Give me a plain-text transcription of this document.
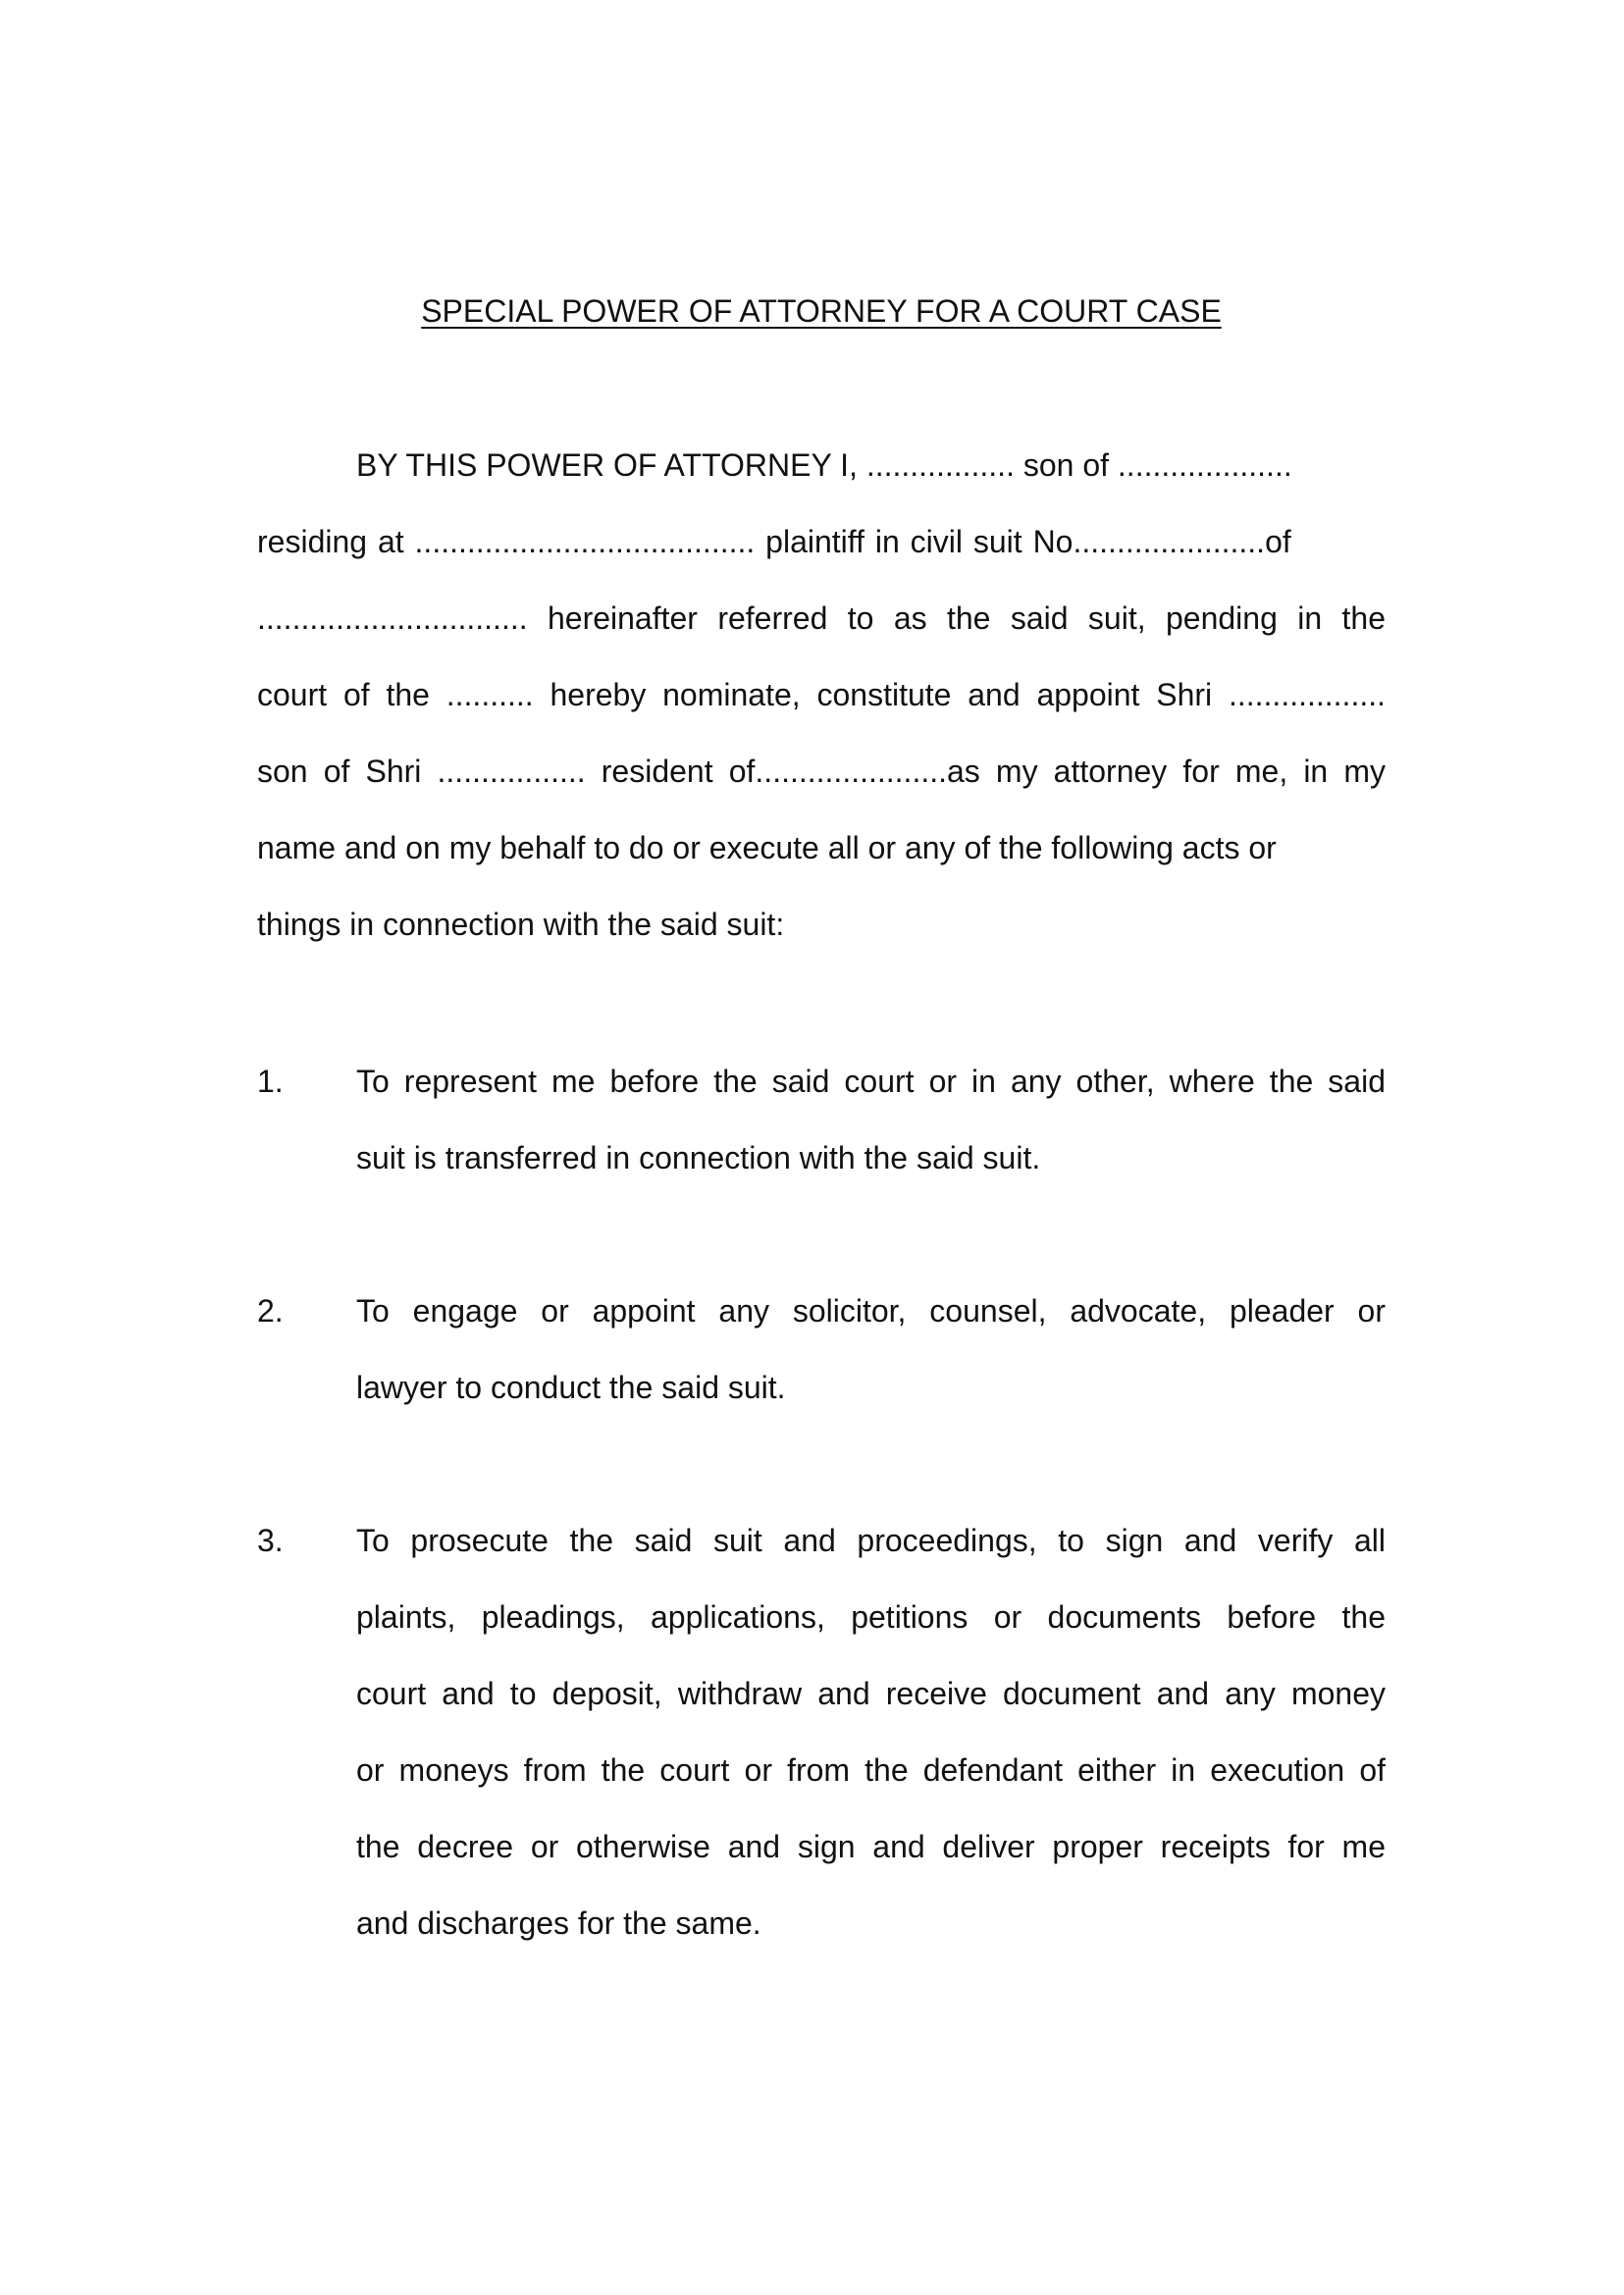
SPECIAL POWER OF ATTORNEY FOR A COURT CASE
BY THIS POWER OF ATTORNEY I, ................. son of ....................
residing at ....................................... plaintiff in civil suit No......................of
............................... hereinafter referred to as the said suit, pending in the
court of the .......... hereby nominate, constitute and appoint Shri ..................
son of Shri ................. resident of......................as my attorney for me, in my
name and on my behalf to do or execute all or any of the following acts or
things in connection with the said suit:
1. To represent me before the said court or in any other, where the said
suit is transferred in connection with the said suit.
2. To engage or appoint any solicitor, counsel, advocate, pleader or
lawyer to conduct the said suit.
3. To prosecute the said suit and proceedings, to sign and verify all
plaints, pleadings, applications, petitions or documents before the
court and to deposit, withdraw and receive document and any money
or moneys from the court or from the defendant either in execution of
the decree or otherwise and sign and deliver proper receipts for me
and discharges for the same.
